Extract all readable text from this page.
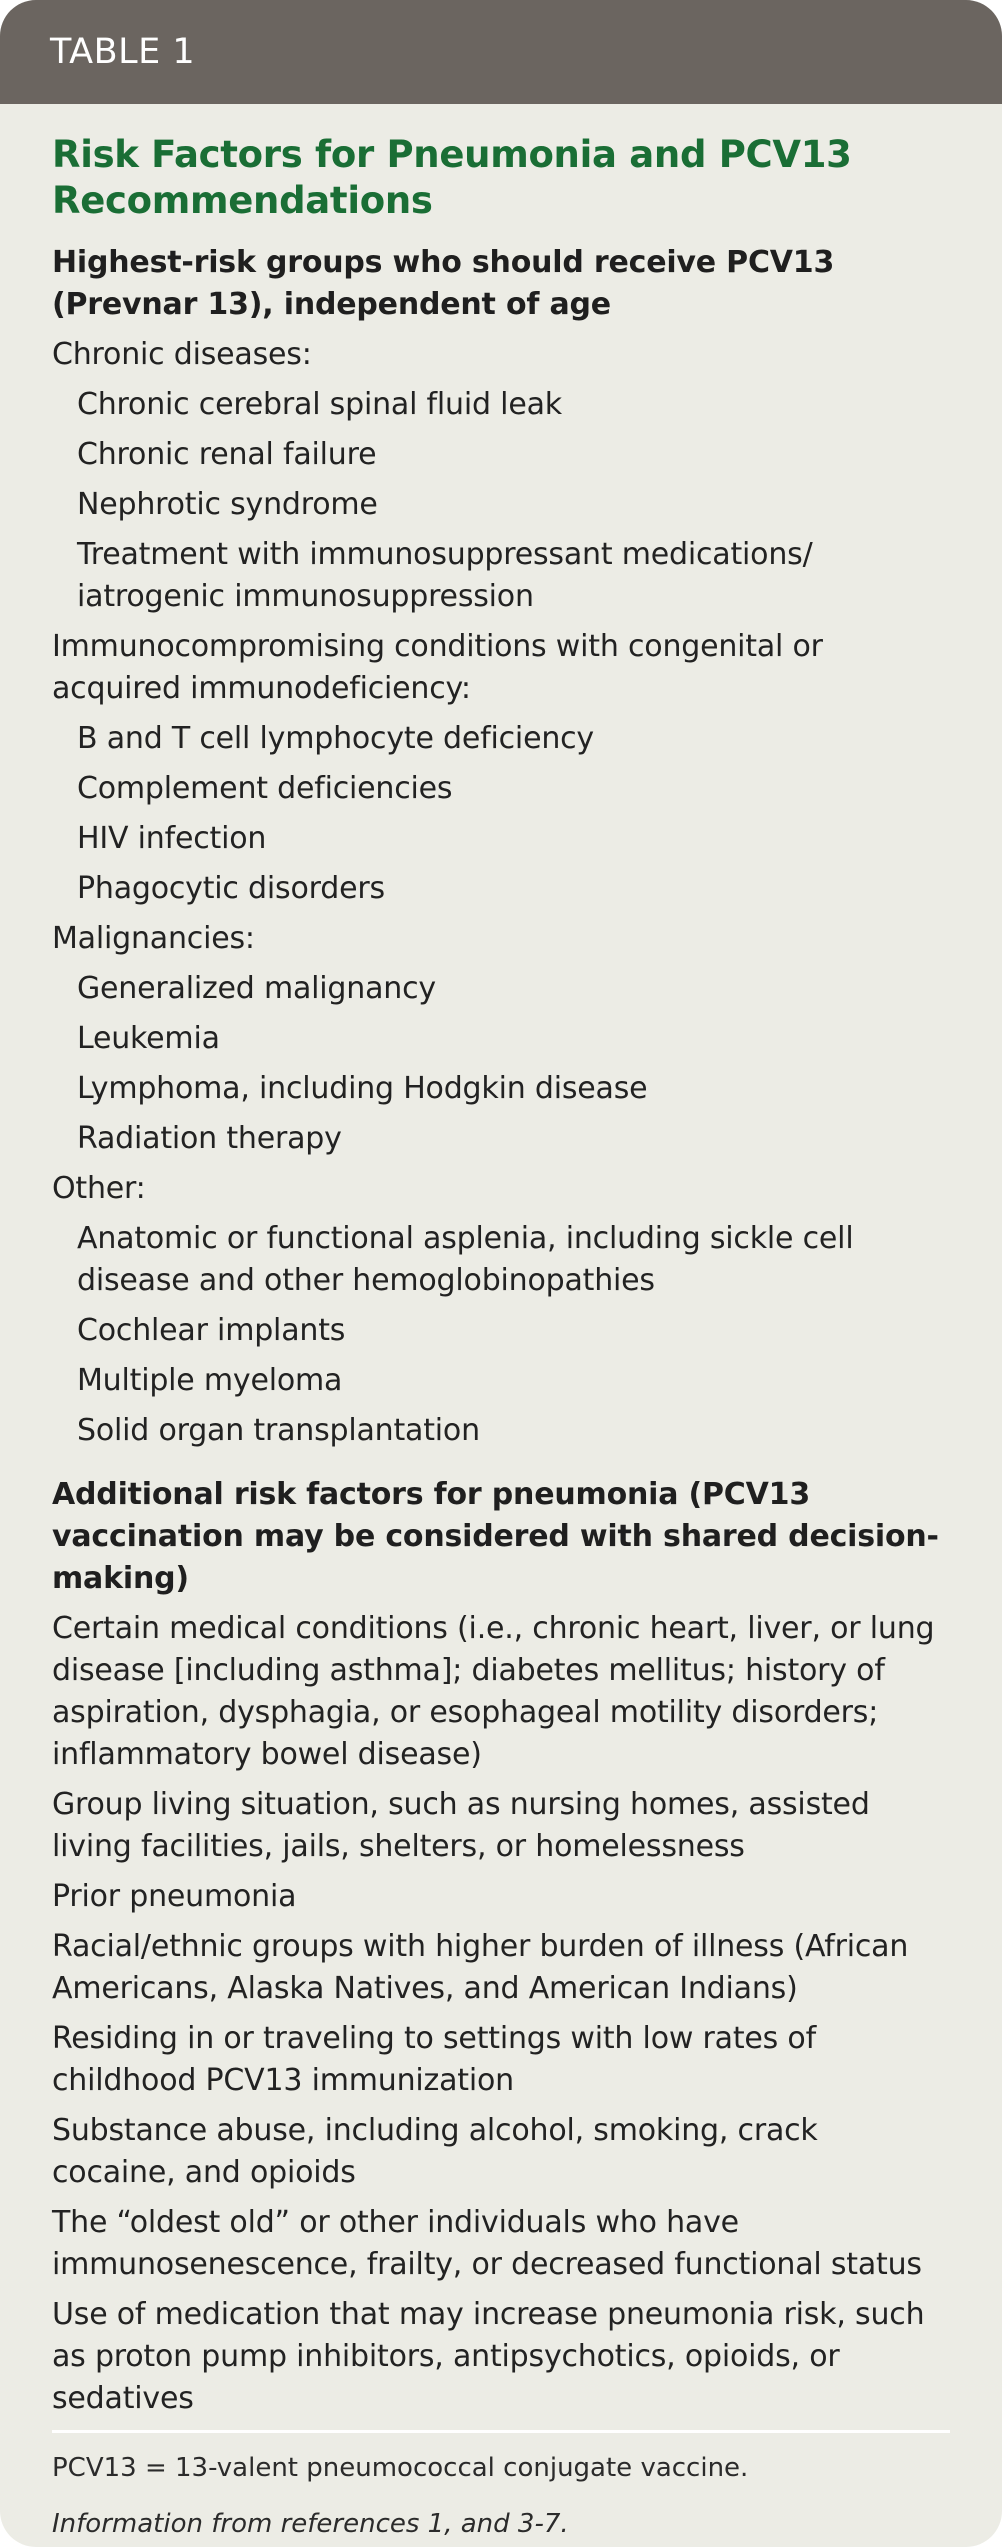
TABLE 1
Risk Factors for Pneumonia and PCV13 Recommendations
Highest-risk groups who should receive PCV13 (Prevnar 13), independent of age
Chronic diseases:
Chronic cerebral spinal fluid leak
Chronic renal failure
Nephrotic syndrome
Treatment with immunosuppressant medications/ iatrogenic immunosuppression
Immunocompromising conditions with congenital or acquired immunodeficiency:
B and T cell lymphocyte deficiency
Complement deficiencies
HIV infection
Phagocytic disorders
Malignancies:
Generalized malignancy
Leukemia
Lymphoma, including Hodgkin disease
Radiation therapy
Other:
Anatomic or functional asplenia, including sickle cell disease and other hemoglobinopathies
Cochlear implants
Multiple myeloma
Solid organ transplantation
Additional risk factors for pneumonia (PCV13 vaccination may be considered with shared decision-making)
Certain medical conditions (i.e., chronic heart, liver, or lung disease [including asthma]; diabetes mellitus; history of aspiration, dysphagia, or esophageal motility disorders; inflammatory bowel disease)
Group living situation, such as nursing homes, assisted living facilities, jails, shelters, or homelessness
Prior pneumonia
Racial/ethnic groups with higher burden of illness (African Americans, Alaska Natives, and American Indians)
Residing in or traveling to settings with low rates of childhood PCV13 immunization
Substance abuse, including alcohol, smoking, crack cocaine, and opioids
The “oldest old” or other individuals who have immunosenescence, frailty, or decreased functional status
Use of medication that may increase pneumonia risk, such as proton pump inhibitors, antipsychotics, opioids, or sedatives
PCV13 = 13-valent pneumococcal conjugate vaccine.
Information from references 1, and 3-7.
